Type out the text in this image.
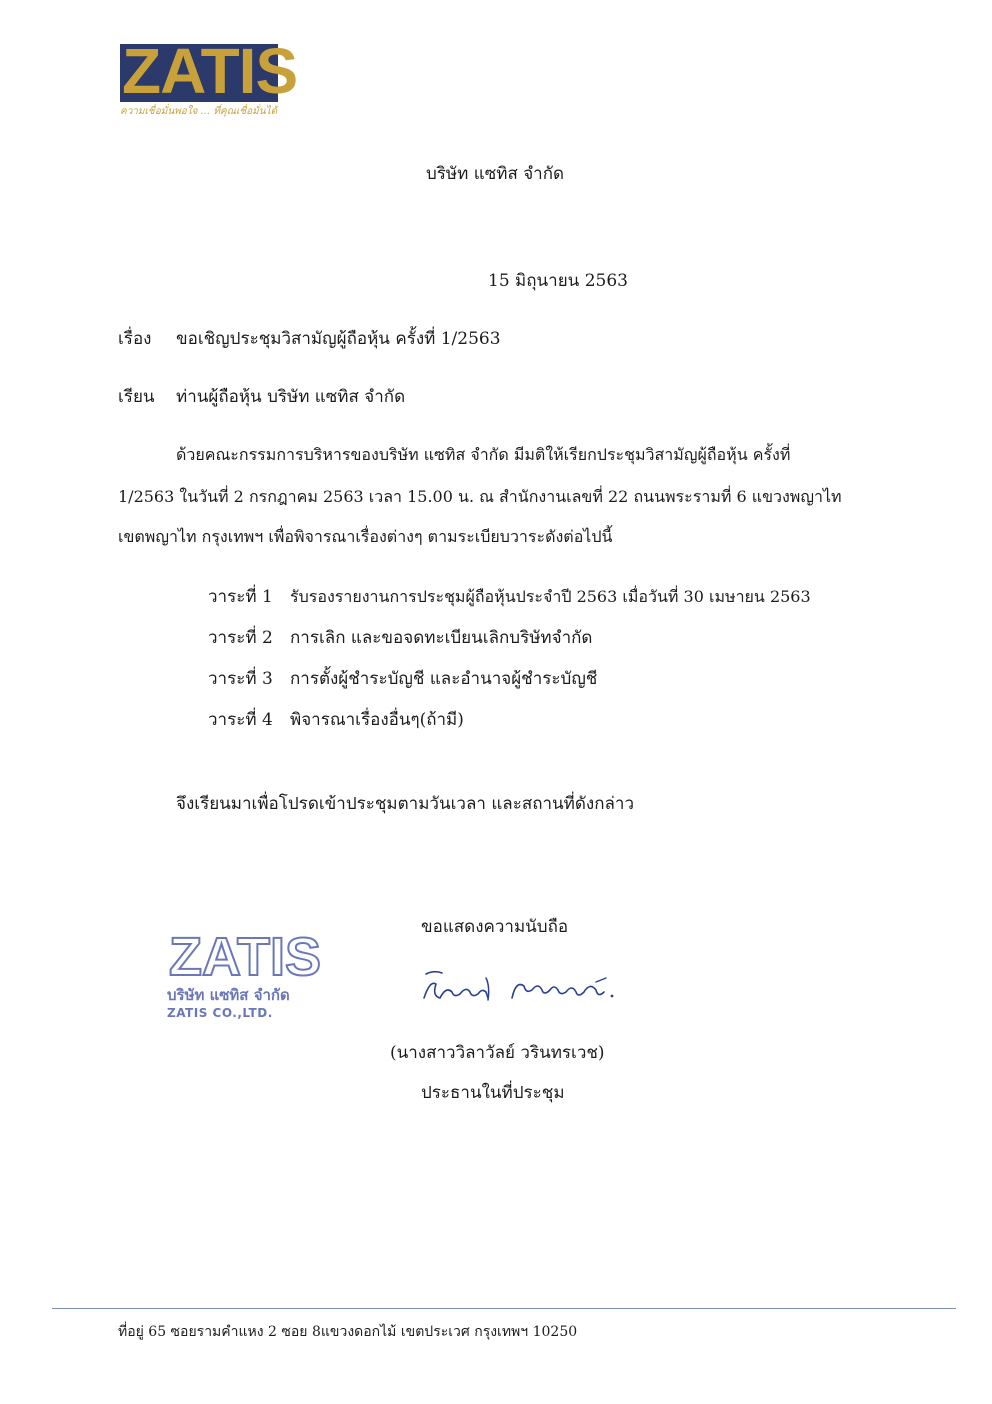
ZATIS
ความเชื่อมั่นพอใจ ... ที่คุณเชื่อมั่นได้
บริษัท แซทิส จำกัด
15 มิถุนายน 2563
เรื่อง ขอเชิญประชุมวิสามัญผู้ถือหุ้น ครั้งที่ 1/2563
เรียน ท่านผู้ถือหุ้น บริษัท แซทิส จำกัด
ด้วยคณะกรรมการบริหารของบริษัท แซทิส จำกัด มีมติให้เรียกประชุมวิสามัญผู้ถือหุ้น ครั้งที่
1/2563 ในวันที่ 2 กรกฎาคม 2563 เวลา 15.00 น. ณ สำนักงานเลขที่ 22 ถนนพระรามที่ 6 แขวงพญาไท
เขตพญาไท กรุงเทพฯ เพื่อพิจารณาเรื่องต่างๆ ตามระเบียบวาระดังต่อไปนี้
วาระที่ 1 รับรองรายงานการประชุมผู้ถือหุ้นประจำปี 2563 เมื่อวันที่ 30 เมษายน 2563
วาระที่ 2 การเลิก และขอจดทะเบียนเลิกบริษัทจำกัด
วาระที่ 3 การตั้งผู้ชำระบัญชี และอำนาจผู้ชำระบัญชี
วาระที่ 4 พิจารณาเรื่องอื่นๆ(ถ้ามี)
จึงเรียนมาเพื่อโปรดเข้าประชุมตามวันเวลา และสถานที่ดังกล่าว
ขอแสดงความนับถือ
ZATIS
บริษัท แซทิส จำกัด
ZATIS CO.,LTD.
(นางสาววิลาวัลย์ วรินทรเวช)
ประธานในที่ประชุม
ที่อยู่ 65 ซอยรามคำแหง 2 ซอย 8แขวงดอกไม้ เขตประเวศ กรุงเทพฯ 10250
